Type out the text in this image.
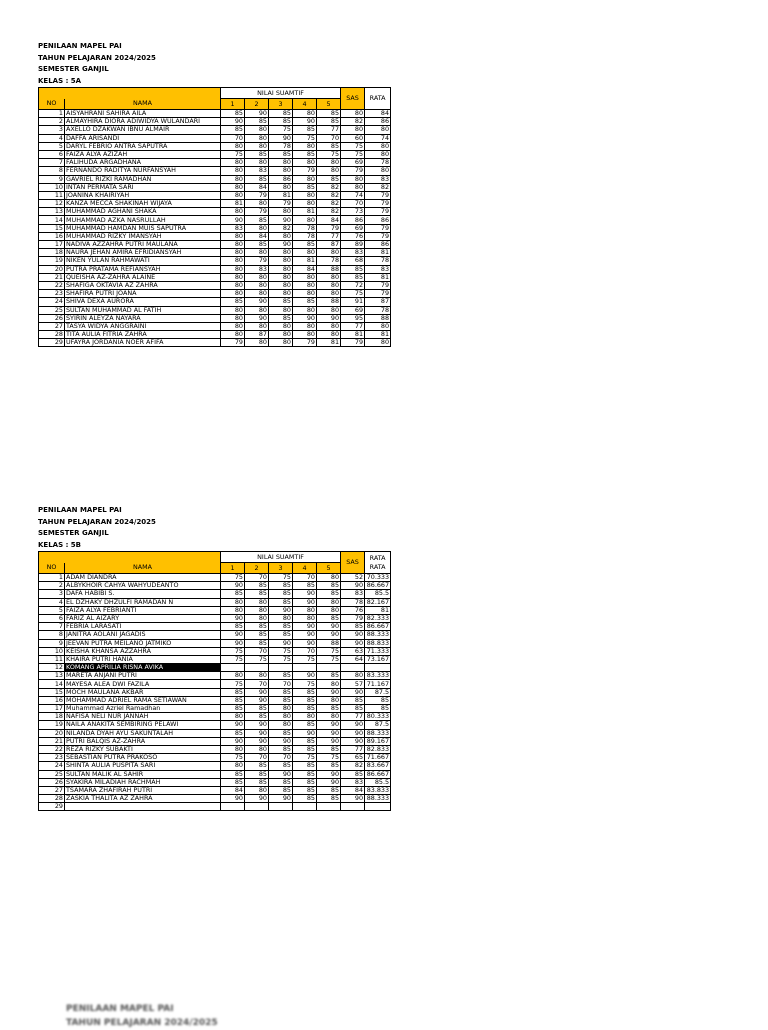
PENILAAN MAPEL PAI
TAHUN PELAJARAN 2024/2025
SEMESTER GANJIL
KELAS : 5A
		NILAI SUAMTIF					SAS	RATA
NO	NAMA	1	2	3	4	5		
1	AISYAHRANI SAHIRA AILA	85	90	85	80	85	80	84
2	ALMAYHIRA DIORA ADIWIDYA WULANDARI	90	85	85	90	85	82	86
3	AXELLO DZAKWAN IBNU ALMAIR	85	80	75	85	77	80	80
4	DAFFA ARISANDI	70	80	90	75	70	60	74
5	DARYL FEBRIO ANTRA SAPUTRA	80	80	78	80	85	75	80
6	FAIZA ALYA AZIZAH	75	85	85	85	75	75	80
7	FALIHUDA ARGADHANA	80	80	80	80	80	69	78
8	FERNANDO RADITYA NURFANSYAH	80	83	80	79	80	79	80
9	GAVRIEL RIZKI RAMADHAN	80	85	86	80	85	80	83
10	INTAN PERMATA SARI	80	84	80	85	82	80	82
11	JOANINA KHAIRIYAH	80	79	81	80	82	74	79
12	KANZA MECCA SHAKINAH WIJAYA	81	80	79	80	82	70	79
13	MUHAMMAD AGHANI SHAKA	80	79	80	81	82	73	79
14	MUHAMMAD AZKA NASRULLAH	90	85	90	80	84	86	86
15	MUHAMMAD HAMDAN MUIS SAPUTRA	83	80	82	78	79	69	79
16	MUHAMMAD RIZKY IMANSYAH	80	84	80	78	77	76	79
17	NADIVA AZZAHRA PUTRI MAULANA	80	85	90	85	87	89	86
18	NAURA JEHAN AMIRA EFRIDIANSYAH	80	80	80	80	80	83	81
19	NIKEN YULAN RAHMAWATI	80	79	80	81	78	68	78
20	PUTRA PRATAMA REFIANSYAH	80	83	80	84	88	85	83
21	QUEISHA AZ-ZAHRA ALAINE	80	80	80	80	80	85	81
22	SHAFIGA OKTAVIA AZ ZAHRA	80	80	80	80	80	72	79
23	SHAFIRA PUTRI JOANA	80	80	80	80	80	75	79
24	SHIVA DEXA AURORA	85	90	85	85	88	91	87
25	SULTAN MUHAMMAD AL FATIH	80	80	80	80	80	69	78
26	SYIRIN ALEYZA NAYARA	80	90	85	90	90	95	88
27	TASYA WIDYA ANGGRAINI	80	80	80	80	80	77	80
28	TITA AULIA FITRIA ZAHRA	80	87	80	80	80	81	81
29	UFAYRA JORDANIA NOER AFIFA	79	80	80	79	81	79	80
PENILAAN MAPEL PAI
TAHUN PELAJARAN 2024/2025
SEMESTER GANJIL
KELAS : 5B
		NILAI SUAMTIF					SAS	RATA
RATA
NO	NAMA	1	2	3	4	5		
1	ADAM DIANDRA	75	70	75	70	80	52	70.333
2	ALBYKHOIR CAHYA WAHYUDEANTO	90	85	85	85	85	90	86.667
3	DAFA HABIBI S.	85	85	85	90	85	83	85.5
4	EL DZHAKY DHZULFI RAMADAN N	80	80	85	90	80	78	82.167
5	FAIZA ALYA FEBRIANTI	80	80	90	80	80	76	81
6	FARIZ AL AIZARY	90	80	80	80	85	79	82.333
7	FEBRIA LARASATI	85	85	85	90	90	85	86.667
8	JANITRA AOLANI JAGADIS	90	85	85	90	90	90	88.333
9	JEEVAN PUTRA MEILANO JATMIKO	90	85	90	90	88	90	88.833
10	KEISHA KHANSA AZZAHRA	75	70	75	70	75	63	71.333
11	KHAIRA PUTRI HANIA	75	75	75	75	75	64	73.167
12	KOMANG APRILIA RISNA AVIKA							
13	MARETA ANJANI PUTRI	80	80	85	90	85	80	83.333
14	MAYESA ALEA DWI FAZILA	75	70	70	75	80	57	71.167
15	MOCH MAULANA AKBAR	85	90	85	85	90	90	87.5
16	MOHAMMAD ADRIEL RAMA SETIAWAN	85	90	85	85	80	85	85
17	Muhammad Azriel Ramadhan	85	85	80	85	85	85	85
18	NAFISA NELI NUR JANNAH	80	85	80	80	80	77	80.333
19	NAILA ANAKITA SEMBIRING PELAWI	90	90	80	85	90	90	87.5
20	NILANDA DYAH AYU SAKUNTALAH	85	90	85	90	90	90	88.333
21	PUTRI BALQIS AZ-ZAHRA	90	90	90	85	90	90	89.167
22	REZA RIZKY SUBAKTI	80	80	85	85	85	77	82.833
23	SEBASTIAN PUTRA PRAKOSO	75	70	70	75	75	65	71.667
24	SHINTA AULIA PUSPITA SARI	80	85	85	85	85	82	83.667
25	SULTAN MALIK AL SAHIR	85	85	90	85	90	85	86.667
26	SYAKIRA MILADIAH RACHMAH	85	85	85	85	90	83	85.5
27	TSAMARA ZHAFIRAH PUTRI	84	80	85	85	85	84	83.833
28	ZASKIA THALITA AZ ZAHRA	90	90	90	85	85	90	88.333
29								
PENILAAN MAPEL PAI
TAHUN PELAJARAN 2024/2025
